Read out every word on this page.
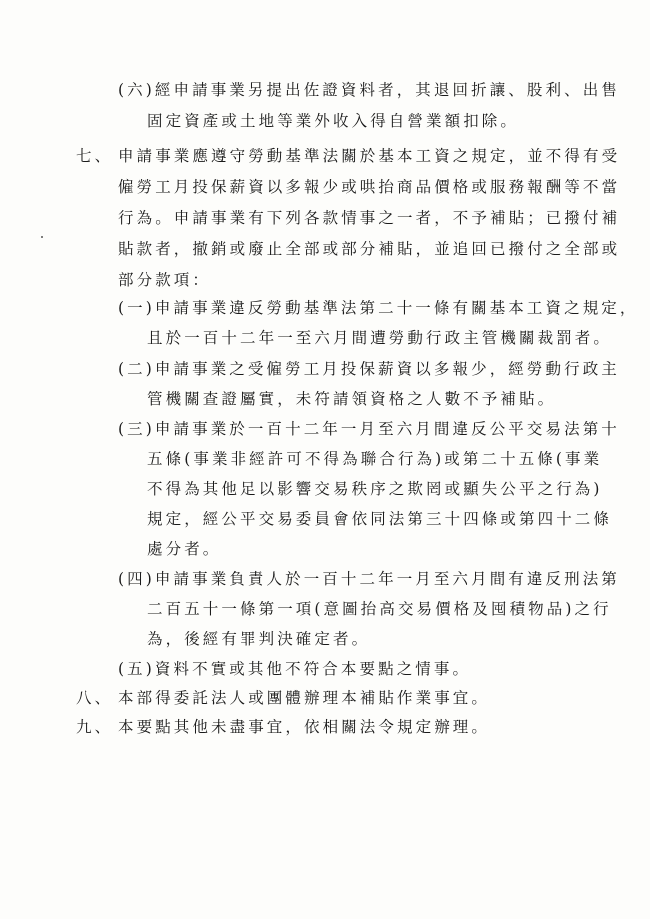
(六)經申請事業另提出佐證資料者，其退回折讓、股利、出售
固定資產或土地等業外收入得自營業額扣除。
七、 申請事業應遵守勞動基準法關於基本工資之規定，並不得有受
僱勞工月投保薪資以多報少或哄抬商品價格或服務報酬等不當
行為。申請事業有下列各款情事之一者，不予補貼；已撥付補
貼款者，撤銷或廢止全部或部分補貼，並追回已撥付之全部或
部分款項：
(一)申請事業違反勞動基準法第二十一條有關基本工資之規定，
且於一百十二年一至六月間遭勞動行政主管機關裁罰者。
(二)申請事業之受僱勞工月投保薪資以多報少，經勞動行政主
管機關查證屬實，未符請領資格之人數不予補貼。
(三)申請事業於一百十二年一月至六月間違反公平交易法第十
五條(事業非經許可不得為聯合行為)或第二十五條(事業
不得為其他足以影響交易秩序之欺罔或顯失公平之行為)
規定，經公平交易委員會依同法第三十四條或第四十二條
處分者。
(四)申請事業負責人於一百十二年一月至六月間有違反刑法第
二百五十一條第一項(意圖抬高交易價格及囤積物品)之行
為，後經有罪判決確定者。
(五)資料不實或其他不符合本要點之情事。
八、 本部得委託法人或團體辦理本補貼作業事宜。
九、 本要點其他未盡事宜，依相關法令規定辦理。
